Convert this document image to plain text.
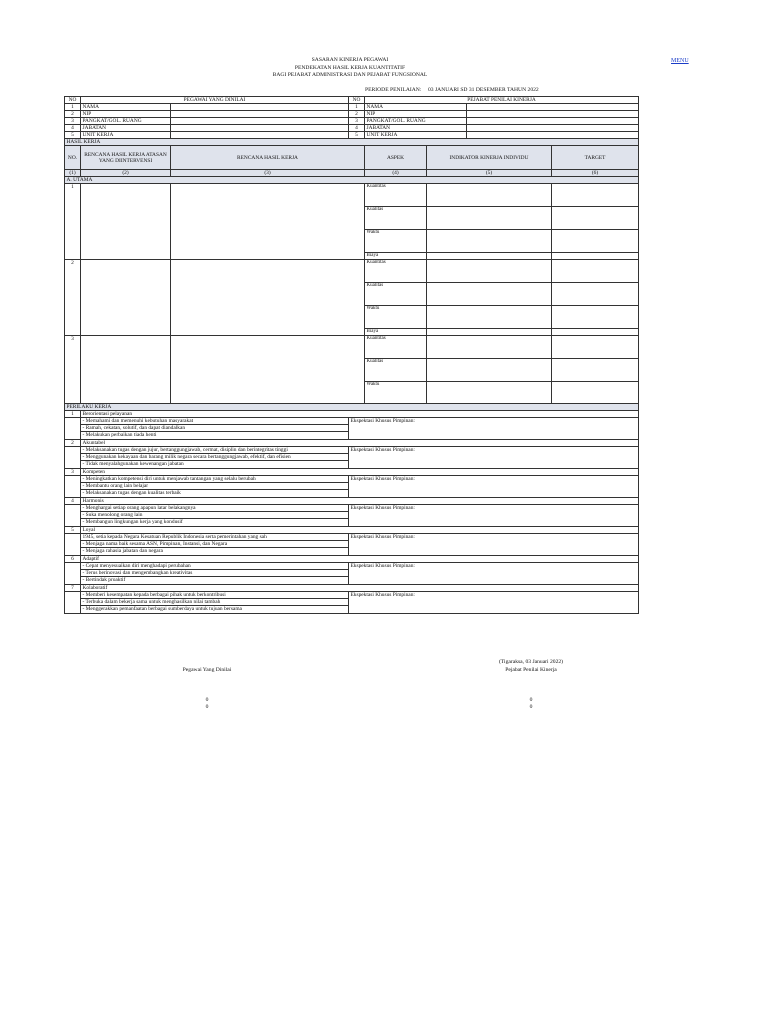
MENU
SASARAN KINERJA PEGAWAI
PENDEKATAN HASIL KERJA KUANTITATIF
BAGI PEJABAT ADMINISTRASI DAN PEJABAT FUNGSIONAL
PERIODE PENILAIAN: 03 JANUARI SD 31 DESEMBER TAHUN 2022
NO	PEGAWAI YANG DINILAI		NO	PEJABAT PENILAI KINERJA	
1	NAMA		1	NAMA	
2	NIP		2	NIP	
3	PANGKAT/GOL. RUANG		3	PANGKAT/GOL. RUANG	
4	JABATAN		4	JABATAN	
5	UNIT KERJA		5	UNIT KERJA	
HASIL KERJA					
NO.	RENCANA HASIL KERJA ATASAN YANG DIINTERVENSI	RENCANA HASIL KERJA	ASPEK	INDIKATOR KINERJA INDIVIDU	TARGET
(1)	(2)	(3)	(4)	(5)	(6)
A. UTAMA					
1			Kuantitas		
			Kualitas		
			Waktu		
			Biaya		
2			Kuantitas		
			Kualitas		
			Waktu		
			Biaya		
3			Kuantitas		
			Kualitas		
			Waktu		
PERILAKU KERJA		
1	Berorientasi pelayanan	
	- Memahami dan memenuhi kebutuhan masyarakat	Ekspektasi Khusus Pimpinan:
	- Ramah, cekatan, solutif, dan dapat diandalkan	
	- Melakukan perbaikan tiada henti	
2	Akuntabel	
	- Melaksanakan tugas dengan jujur, bertanggungjawab, cermat, disiplin dan berintegritas tinggi	Ekspektasi Khusus Pimpinan:
	- Menggunakan kekayaan dan barang milik negara secara bertanggungjawab, efektif, dan efisien	
	- Tidak menyalahgunakan kewenangan jabatan	
3	Kompeten	
	- Meningkatkan kompetensi diri untuk menjawab tantangan yang selalu berubah	Ekspektasi Khusus Pimpinan:
	- Membantu orang lain belajar	
	- Melaksanakan tugas dengan kualitas terbaik	
4	Harmonis	
	- Menghargai setiap orang apapun latar belakangnya	Ekspektasi Khusus Pimpinan:
	- Suka menolong orang lain	
	- Membangun lingkungan kerja yang kondusif	
5	Loyal	
	1945, setia kepada Negara Kesatuan Republik Indonesia serta pemerintahan yang sah	Ekspektasi Khusus Pimpinan:
	- Menjaga nama baik sesama ASN, Pimpinan, Instansi, dan Negara	
	- Menjaga rahasia jabatan dan negara	
6	Adaptif	
	- Cepat menyesuaikan diri menghadapi perubahan	Ekspektasi Khusus Pimpinan:
	- Terus berinovasi dan mengembangkan kreativitas	
	- Bertindak proaktif	
7	Kolaboratif	
	- Memberi kesempatan kepada berbagai pihak untuk berkontribusi	Ekspektasi Khusus Pimpinan:
	- Terbuka dalam bekerja sama untuk menghasilkan nilai tambah	
	- Menggerakkan pemanfaatan berbagai sumberdaya untuk tujuan bersama	
(Tigaraksa, 03 Januari 2022)
Pegawai Yang Dinilai	Pejabat Penilai Kinerja
0
0
0
0
